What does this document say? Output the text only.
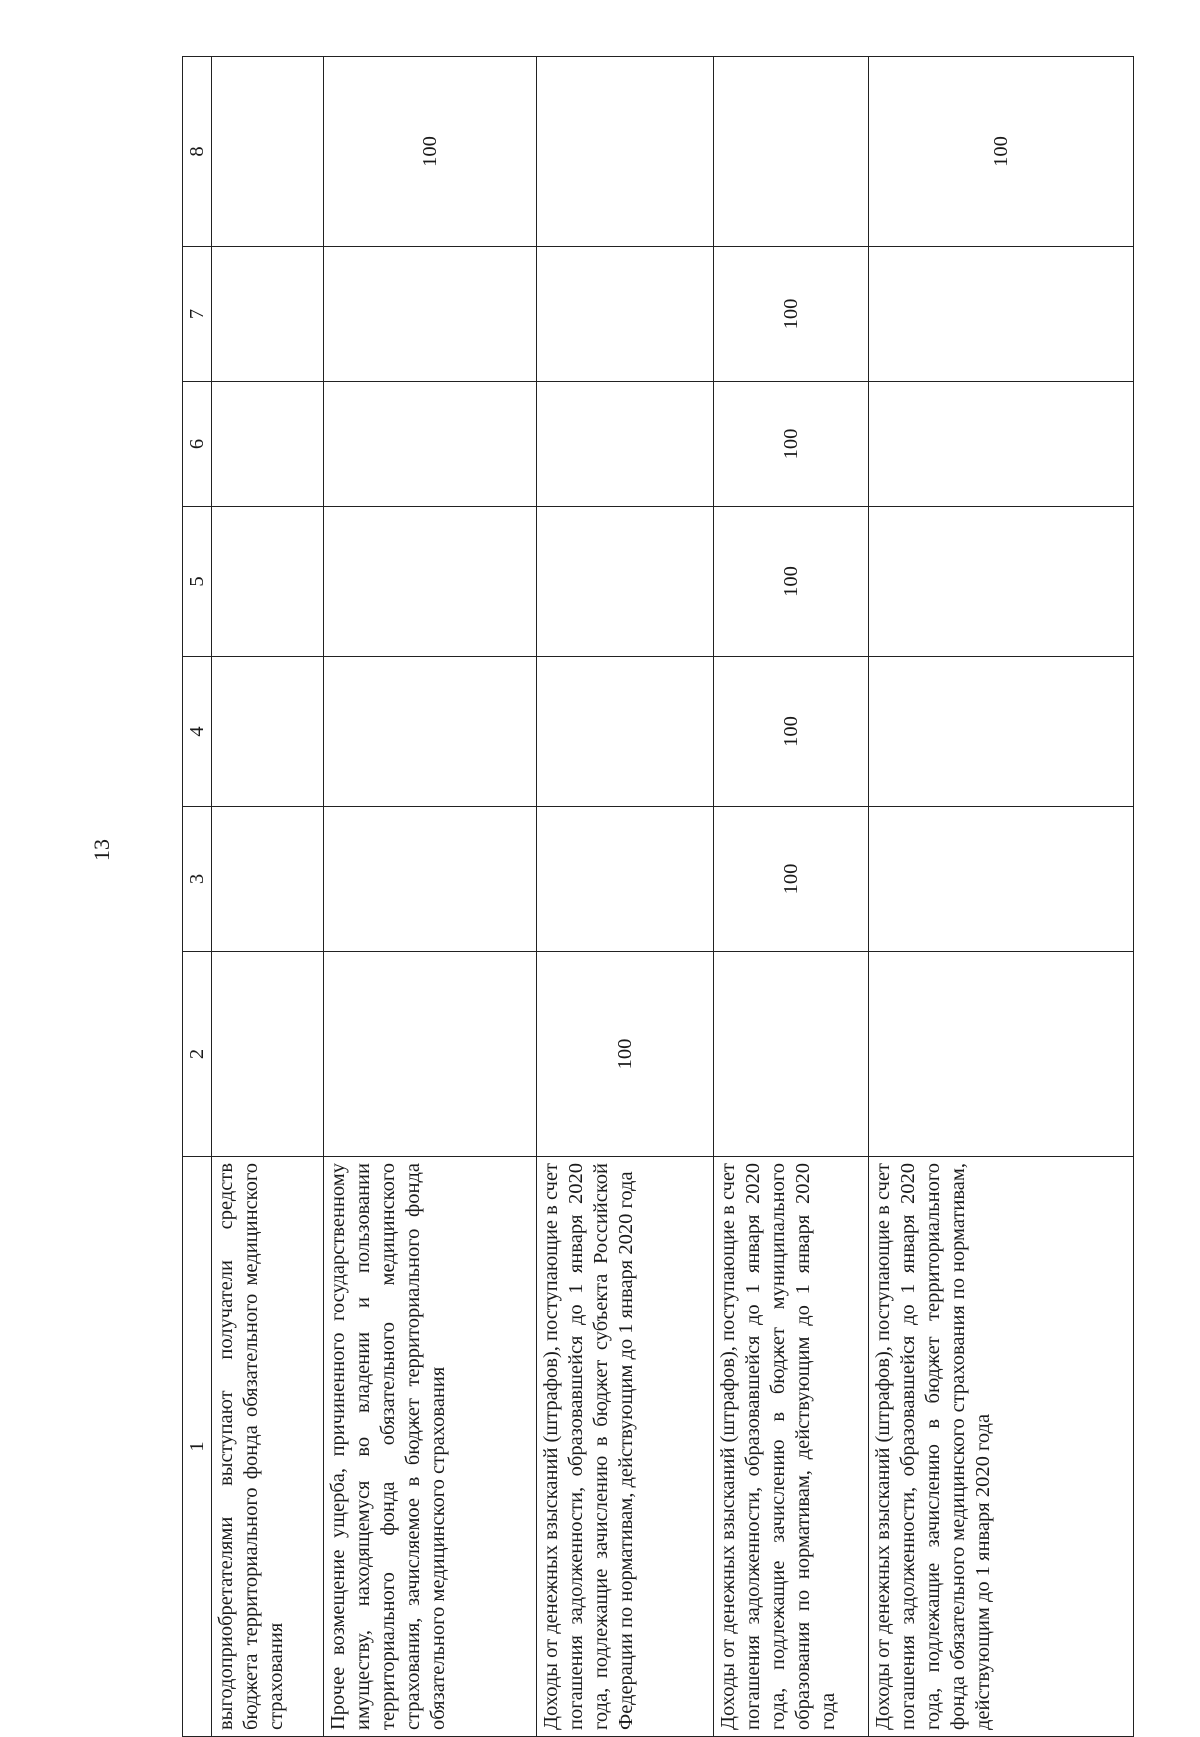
13
1	2	3	4	5	6	7	8
выгодоприобретателями выступают получатели средств бюджета территориального фонда обязательного медицинского страхования							
Прочее возмещение ущерба, причиненного государственному имуществу, находящемуся во владении и пользовании территориального фонда обязательного медицинского страхования, зачисляемое в бюджет территориального фонда обязательного медицинского страхования							100
Доходы от денежных взысканий (штрафов), поступающие в счет погашения задолженности, образовавшейся до 1 января 2020 года, подлежащие зачислению в бюджет субъекта Российской Федерации по нормативам, действующим до 1 января 2020 года	100						
Доходы от денежных взысканий (штрафов), поступающие в счет погашения задолженности, образовавшейся до 1 января 2020 года, подлежащие зачислению в бюджет муниципального образования по нормативам, действующим до 1 января 2020 года		100	100	100	100	100	
Доходы от денежных взысканий (штрафов), поступающие в счет погашения задолженности, образовавшейся до 1 января 2020 года, подлежащие зачислению в бюджет территориального фонда обязательного медицинского страхования по нормативам, действующим до 1 января 2020 года							100
